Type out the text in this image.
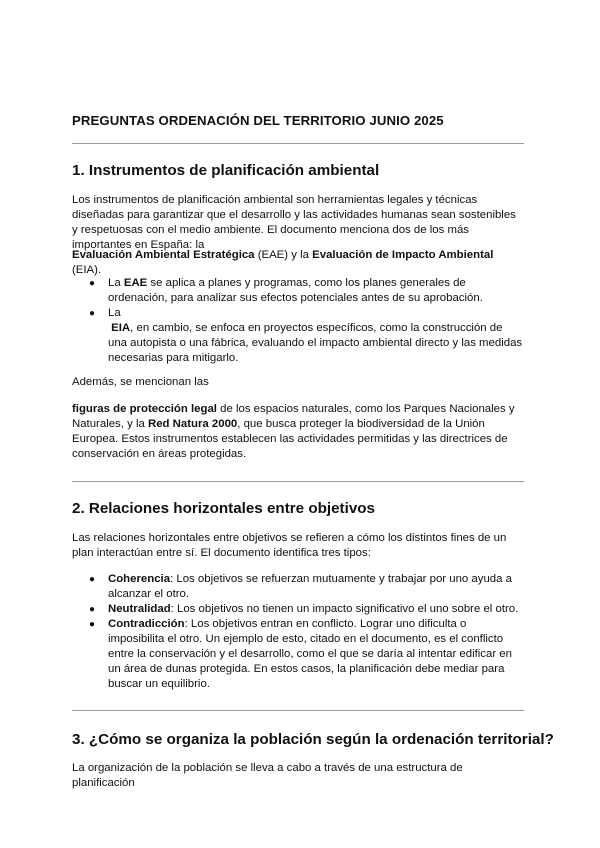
PREGUNTAS ORDENACIÓN DEL TERRITORIO JUNIO 2025
1. Instrumentos de planificación ambiental

Los instrumentos de planificación ambiental son herramientas legales y técnicas diseñadas para garantizar que el desarrollo y las actividades humanas sean sostenibles y respetuosas con el medio ambiente. El documento menciona dos de los más importantes en España: la

Evaluación Ambiental Estratégica (EAE) y la Evaluación de Impacto Ambiental (EIA).

● La EAE se aplica a planes y programas, como los planes generales de ordenación, para analizar sus efectos potenciales antes de su aprobación.
● La
EIA, en cambio, se enfoca en proyectos específicos, como la construcción de una autopista o una fábrica, evaluando el impacto ambiental directo y las medidas necesarias para mitigarlo.

Además, se mencionan las

figuras de protección legal de los espacios naturales, como los Parques Nacionales y Naturales, y la Red Natura 2000, que busca proteger la biodiversidad de la Unión Europea. Estos instrumentos establecen las actividades permitidas y las directrices de conservación en áreas protegidas.

2. Relaciones horizontales entre objetivos

Las relaciones horizontales entre objetivos se refieren a cómo los distintos fines de un plan interactúan entre sí. El documento identifica tres tipos:

● Coherencia: Los objetivos se refuerzan mutuamente y trabajar por uno ayuda a alcanzar el otro.
● Neutralidad: Los objetivos no tienen un impacto significativo el uno sobre el otro.
● Contradicción: Los objetivos entran en conflicto. Lograr uno dificulta o imposibilita el otro. Un ejemplo de esto, citado en el documento, es el conflicto entre la conservación y el desarrollo, como el que se daría al intentar edificar en un área de dunas protegida. En estos casos, la planificación debe mediar para buscar un equilibrio.
3. ¿Cómo se organiza la población según la ordenación territorial?

La organización de la población se lleva a cabo a través de una estructura de planificación
